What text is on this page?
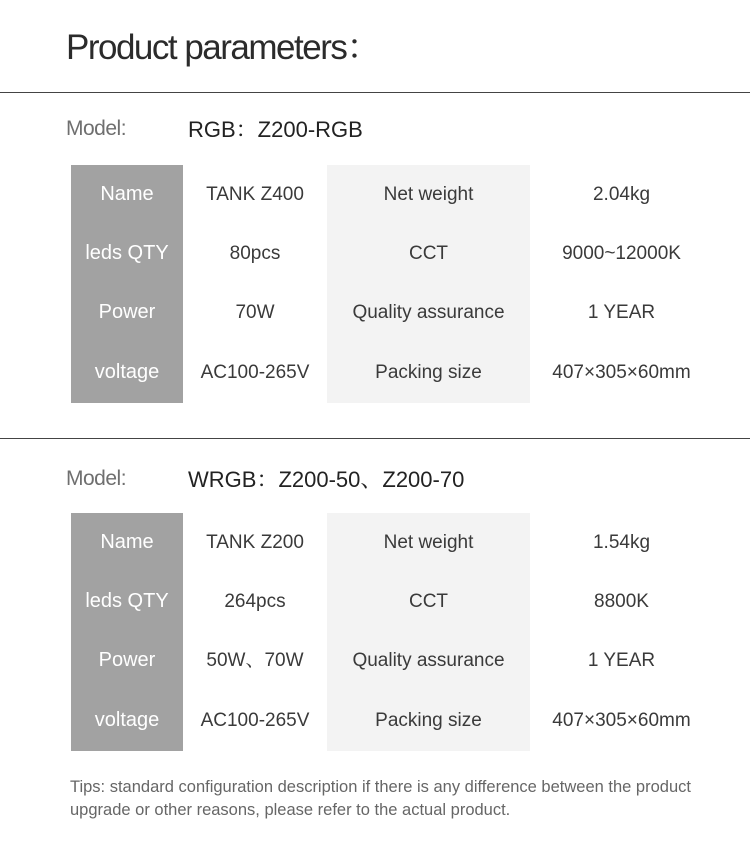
Product parameters：
Model:	RGB：Z200-RGB
Name	TANK Z400	Net weight	2.04kg
leds QTY	80pcs	CCT	9000~12000K
Power	70W	Quality assurance	1 YEAR
voltage	AC100-265V	Packing size	407×305×60mm
Model:	WRGB：Z200-50、Z200-70
Name	TANK Z200	Net weight	1.54kg
leds QTY	264pcs	CCT	8800K
Power	50W、70W	Quality assurance	1 YEAR
voltage	AC100-265V	Packing size	407×305×60mm
Tips: standard configuration description if there is any difference between the product upgrade or other reasons, please refer to the actual product.
